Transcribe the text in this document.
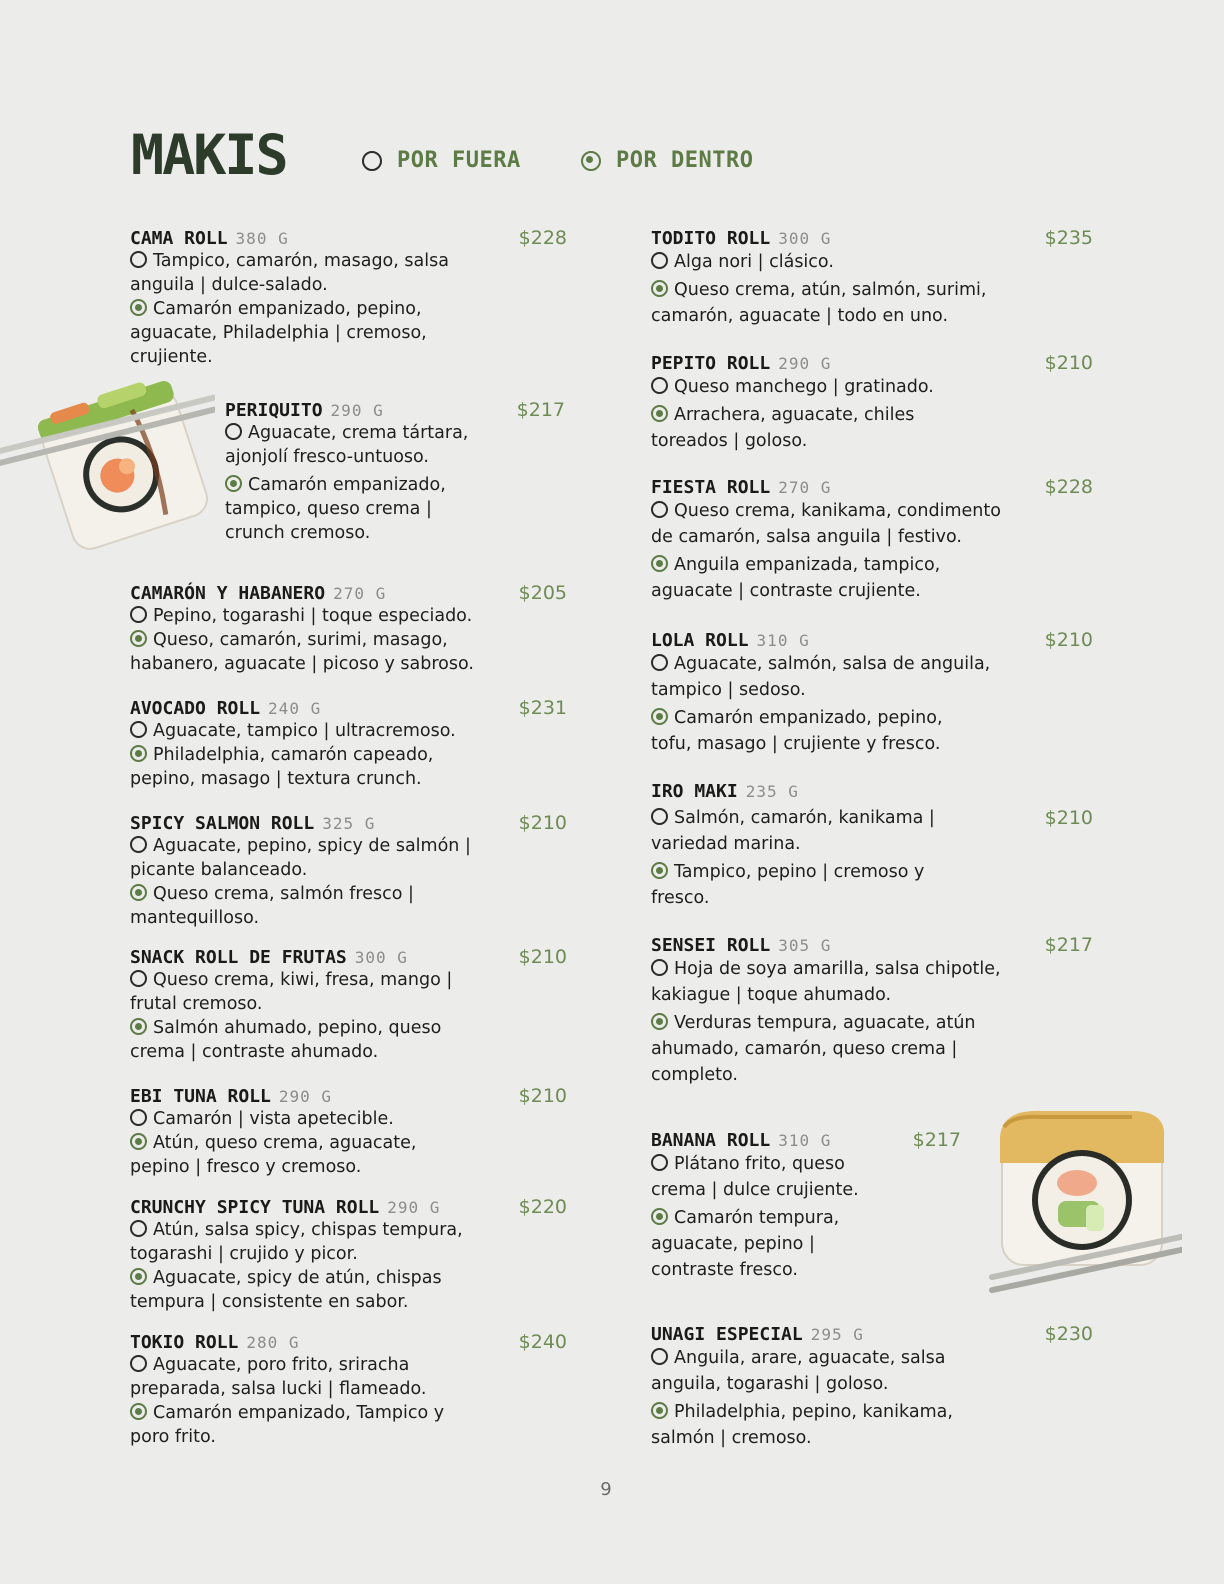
MAKIS	POR FUERA	POR DENTRO
CAMA ROLL 380 G	$228

Tampico, camarón, masago, salsa anguila | dulce-salado.

Camarón empanizado, pepino, aguacate, Philadelphia | cremoso, crujiente.

PERIQUITO 290 G	$217

Aguacate, crema tártara, ajonjolí fresco-untuoso.

Camarón empanizado, tampico, queso crema | crunch cremoso.

CAMARÓN Y HABANERO 270 G	$205

Pepino, togarashi | toque especiado.

Queso, camarón, surimi, masago, habanero, aguacate | picoso y sabroso.

AVOCADO ROLL 240 G	$231

Aguacate, tampico | ultracremoso.

Philadelphia, camarón capeado, pepino, masago | textura crunch.

SPICY SALMON ROLL 325 G	$210

Aguacate, pepino, spicy de salmón | picante balanceado.

Queso crema, salmón fresco | mantequilloso.

SNACK ROLL DE FRUTAS 300 G	$210

Queso crema, kiwi, fresa, mango | frutal cremoso.

Salmón ahumado, pepino, queso crema | contraste ahumado.

EBI TUNA ROLL 290 G	$210

Camarón | vista apetecible.

Atún, queso crema, aguacate, pepino | fresco y cremoso.

CRUNCHY SPICY TUNA ROLL 290 G	$220

Atún, salsa spicy, chispas tempura, togarashi | crujido y picor.

Aguacate, spicy de atún, chispas tempura | consistente en sabor.

TOKIO ROLL 280 G	$240

Aguacate, poro frito, sriracha preparada, salsa lucki | flameado.

Camarón empanizado, Tampico y poro frito.

TODITO ROLL 300 G	$235

Alga nori | clásico.

Queso crema, atún, salmón, surimi, camarón, aguacate | todo en uno.

PEPITO ROLL 290 G	$210

Queso manchego | gratinado.

Arrachera, aguacate, chiles toreados | goloso.

FIESTA ROLL 270 G	$228

Queso crema, kanikama, condimento de camarón, salsa anguila | festivo.

Anguila empanizada, tampico, aguacate | contraste crujiente.

LOLA ROLL 310 G	$210

Aguacate, salmón, salsa de anguila, tampico | sedoso.

Camarón empanizado, pepino, tofu, masago | crujiente y fresco.

IRO MAKI 235 G
$210

Salmón, camarón, kanikama | variedad marina.

Tampico, pepino | cremoso y fresco.

SENSEI ROLL 305 G	$217

Hoja de soya amarilla, salsa chipotle, kakiague | toque ahumado.

Verduras tempura, aguacate, atún ahumado, camarón, queso crema | completo.

BANANA ROLL 310 G	$217

Plátano frito, queso crema | dulce crujiente.

Camarón tempura, aguacate, pepino | contraste fresco.

UNAGI ESPECIAL 295 G	$230

Anguila, arare, aguacate, salsa anguila, togarashi | goloso.

Philadelphia, pepino, kanikama, salmón | cremoso.

9
